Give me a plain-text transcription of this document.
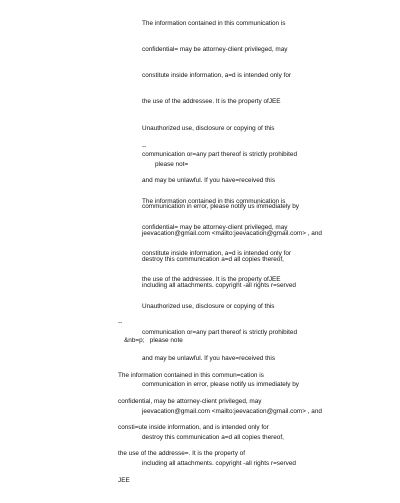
The information contained in this communication is

confidential= may be attorney-client privileged, may

constitute inside information, a=d is intended only for

the use of the addressee. It is the property ofJEE

Unauthorized use, disclosure or copying of this

communication or=any part thereof is strictly prohibited

and may be unlawful. If you have=received this

communication in error, please notify us immediately by

jeevacation@gmail.com <mailto:jeevacation@gmail.com> , and

destroy this communication a=d all copies thereof,

including all attachments. copyright -all rights r=served

--
please not=

The information contained in this communication is

confidential= may be attorney-client privileged, may

constitute inside information, a=d is intended only for

the use of the addressee. It is the property ofJEE

Unauthorized use, disclosure or copying of this

communication or=any part thereof is strictly prohibited

and may be unlawful. If you have=received this

communication in error, please notify us immediately by

jeevacation@gmail.com <mailto:jeevacation@gmail.com> , and

destroy this communication a=d all copies thereof,

including all attachments. copyright -all rights r=served

--
&nb=p;   please note

The information contained in this commun=cation is

confidential, may be attorney-client privileged, may

consti=ute inside information, and is intended only for

the use of the addresse=. It is the property of

JEE
